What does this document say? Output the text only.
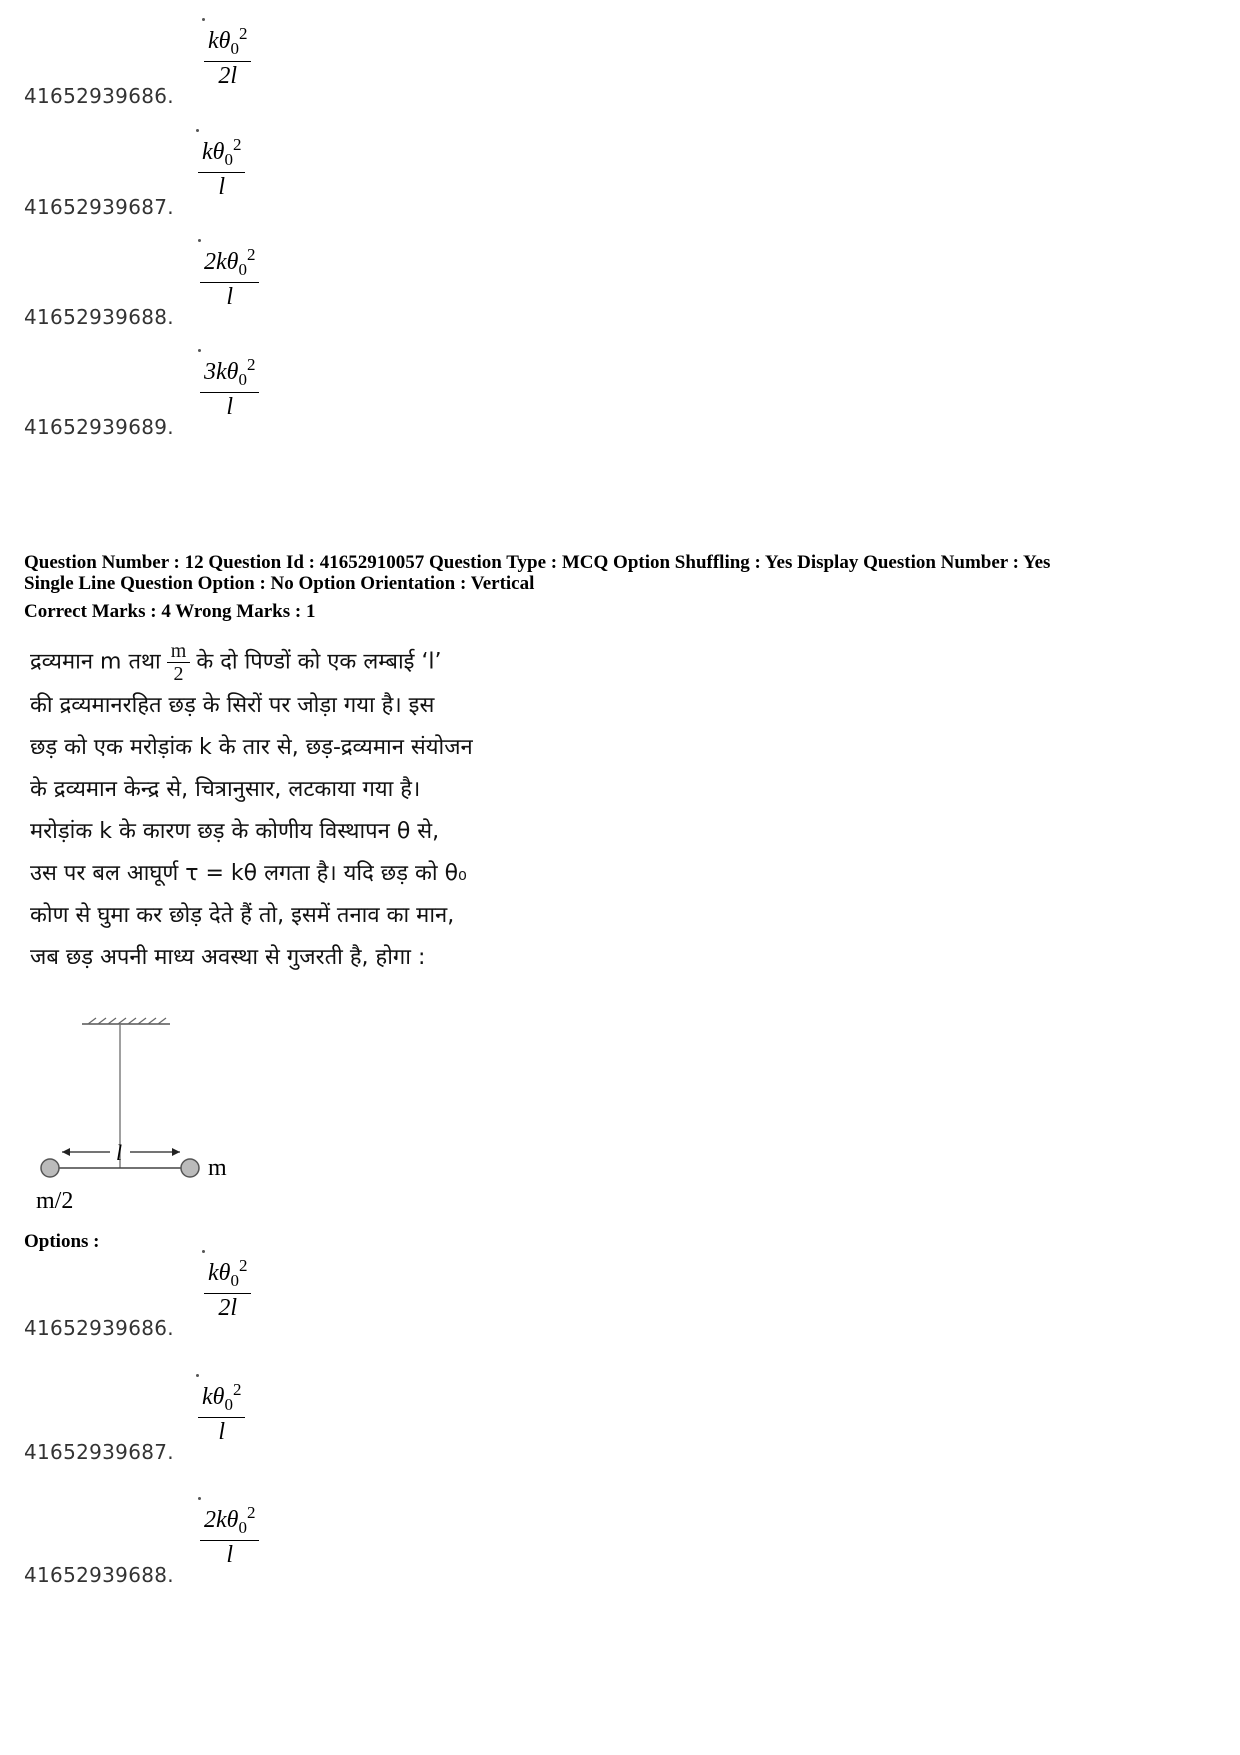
$\frac{k\theta_0^2}{2l}$
41652939686.
$\frac{k\theta_0^2}{l}$
41652939687.
$\frac{2k\theta_0^2}{l}$
41652939688.
$\frac{3k\theta_0^2}{l}$
41652939689.
Question Number : 12 Question Id : 41652910057 Question Type : MCQ Option Shuffling : Yes Display Question Number : Yes
Single Line Question Option : No Option Orientation : Vertical
Correct Marks : 4 Wrong Marks : 1

द्रव्यमान m तथा $\frac{m}{2}$ के दो पिण्डों को एक लम्बाई ‘l’

की द्रव्यमानरहित छड़ के सिरों पर जोड़ा गया है। इस

छड़ को एक मरोड़ांक k के तार से, छड़-द्रव्यमान संयोजन

के द्रव्यमान केन्द्र से, चित्रानुसार, लटकाया गया है।

मरोड़ांक k के कारण छड़ के कोणीय विस्थापन θ से,

उस पर बल आघूर्ण τ = kθ लगता है। यदि छड़ को θ₀

कोण से घुमा कर छोड़ देते हैं तो, इसमें तनाव का मान,

जब छड़ अपनी माध्य अवस्था से गुजरती है, होगा :

l
m
m/2
Options :
$\frac{k\theta_0^2}{2l}$
41652939686.
$\frac{k\theta_0^2}{l}$
41652939687.
$\frac{2k\theta_0^2}{l}$
41652939688.
